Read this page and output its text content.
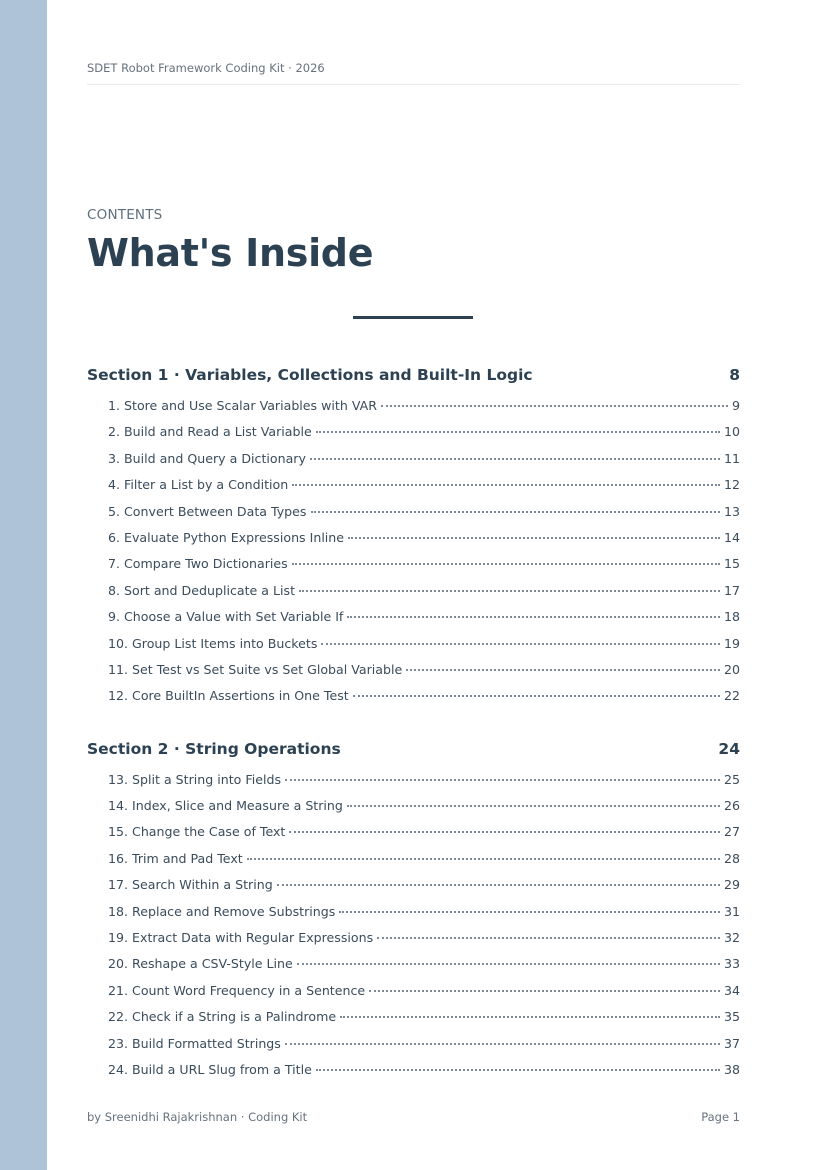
SDET Robot Framework Coding Kit · 2026
CONTENTS
What's Inside
Section 1 · Variables, Collections and Built-In Logic	8
1. Store and Use Scalar Variables with VAR	9
2. Build and Read a List Variable	10
3. Build and Query a Dictionary	11
4. Filter a List by a Condition	12
5. Convert Between Data Types	13
6. Evaluate Python Expressions Inline	14
7. Compare Two Dictionaries	15
8. Sort and Deduplicate a List	17
9. Choose a Value with Set Variable If	18
10. Group List Items into Buckets	19
11. Set Test vs Set Suite vs Set Global Variable	20
12. Core BuiltIn Assertions in One Test	22
Section 2 · String Operations	24
13. Split a String into Fields	25
14. Index, Slice and Measure a String	26
15. Change the Case of Text	27
16. Trim and Pad Text	28
17. Search Within a String	29
18. Replace and Remove Substrings	31
19. Extract Data with Regular Expressions	32
20. Reshape a CSV-Style Line	33
21. Count Word Frequency in a Sentence	34
22. Check if a String is a Palindrome	35
23. Build Formatted Strings	37
24. Build a URL Slug from a Title	38
by Sreenidhi Rajakrishnan · Coding Kit	Page 1
